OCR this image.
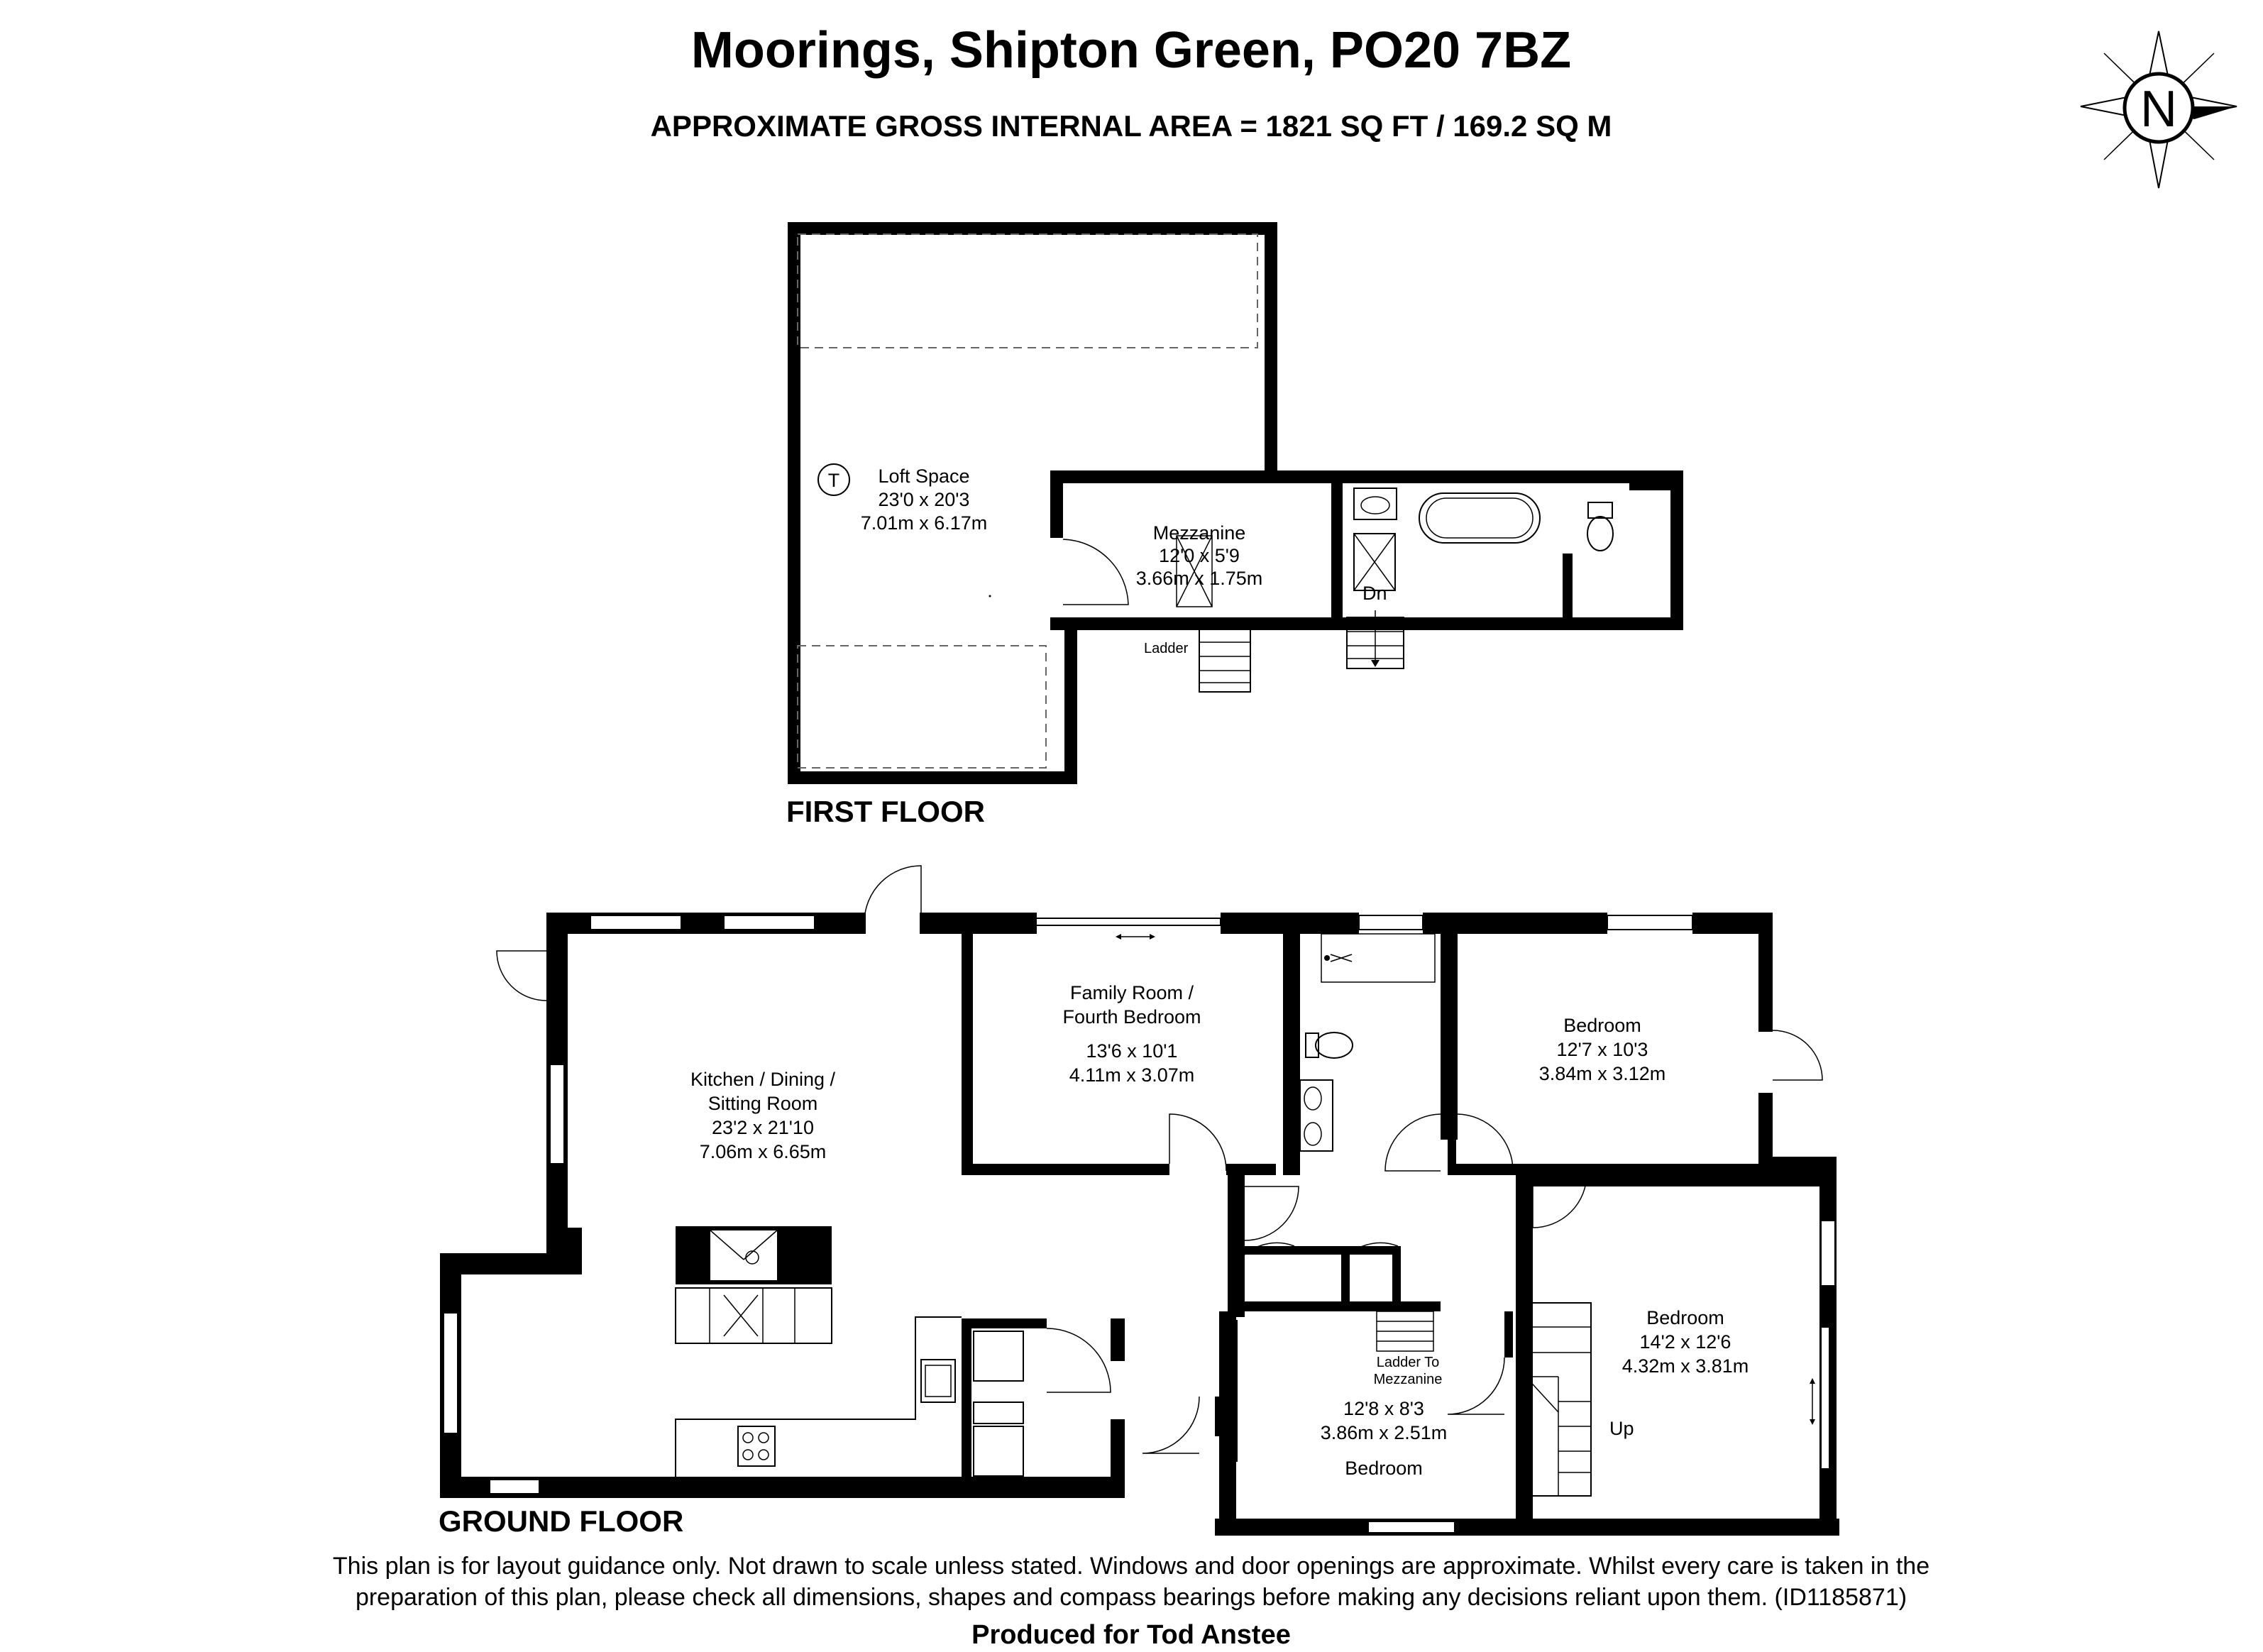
Moorings, Shipton Green, PO20 7BZ
APPROXIMATE GROSS INTERNAL AREA = 1821 SQ FT / 169.2 SQ M	N
Ladder
Dn
T Loft Space
23'0 x 20'3
7.01m x 6.17m	Mezzanine
12'0 x 5'9
3.66m x 1.75m
FIRST FLOOR
Up
Kitchen / Dining /
Sitting Room
23'2 x 21'10
7.06m x 6.65m
Family Room /
Fourth Bedroom
13'6 x 10'1
4.11m x 3.07m
Bedroom
12'7 x 10'3
3.84m x 3.12m
Bedroom
14'2 x 12'6
4.32m x 3.81m
Ladder To
Mezzanine
12'8 x 8'3
3.86m x 2.51m
Bedroom
GROUND FLOOR
This plan is for layout guidance only. Not drawn to scale unless stated. Windows and door openings are approximate. Whilst every care is taken in the
preparation of this plan, please check all dimensions, shapes and compass bearings before making any decisions reliant upon them. (ID1185871)
Produced for Tod Anstee
